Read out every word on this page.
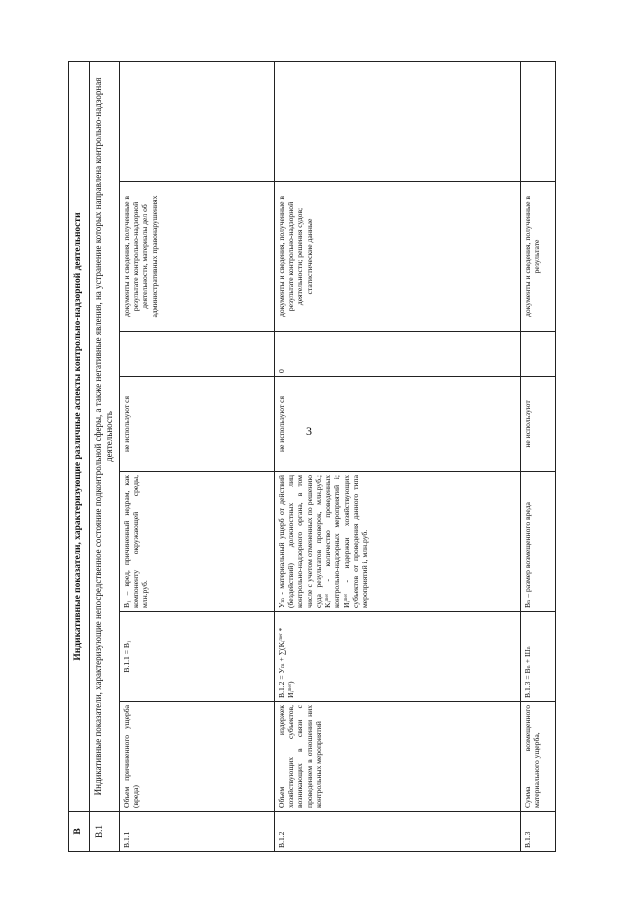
3
В	Индикативные показатели, характеризующие различные аспекты контрольно-надзорной деятельности						
В.1	Индикативные показатели, характеризующие непосредственное состояние подконтрольной сферы, а также негативные явления, на устранение которых направлена контрольно-надзорная деятельность						
В.1.1	Объем причиненного ущерба (вреда)	В.1.1 = В₁	В₁ – вред, причиненный недрам, как компоненту окружающей среды, млн.руб.	не используют ся		документы и сведения, полученные в результате контрольно-надзорной деятельности, материалы дел об административных правонарушениях	
В.1.2	Объем издержек хозяйствующих субъектов, возникающих в связи с проведением в отношении них контрольных мероприятий	В.1.2 = Уₘ + ∑(Kᵢᵐᵉʳ * Иᵢᵐᵉʳ)	Уₘ - материальный ущерб от действий (бездействий) должностных лиц контрольно-надзорного органа, в том числе с учетом отмененных по решению суда результатов проверок, млн.руб.; Kᵢᵐᵉʳ - количество проведенных контрольно-надзорных мероприятий i; Иᵢᵐᵉʳ - издержки хозяйствующих субъектов от проведения данного типа мероприятий i, млн.руб.	не используют ся	0	документы и сведения, полученные в результате контрольно-надзорной деятельности; решения судов; статистические данные	
В.1.3	Сумма возмещенного материального ущерба,	В.1.3 = Вₙ + Шₙ	Вₙ – размер возмещенного вреда	не используют		документы и сведения, полученные в результате	
